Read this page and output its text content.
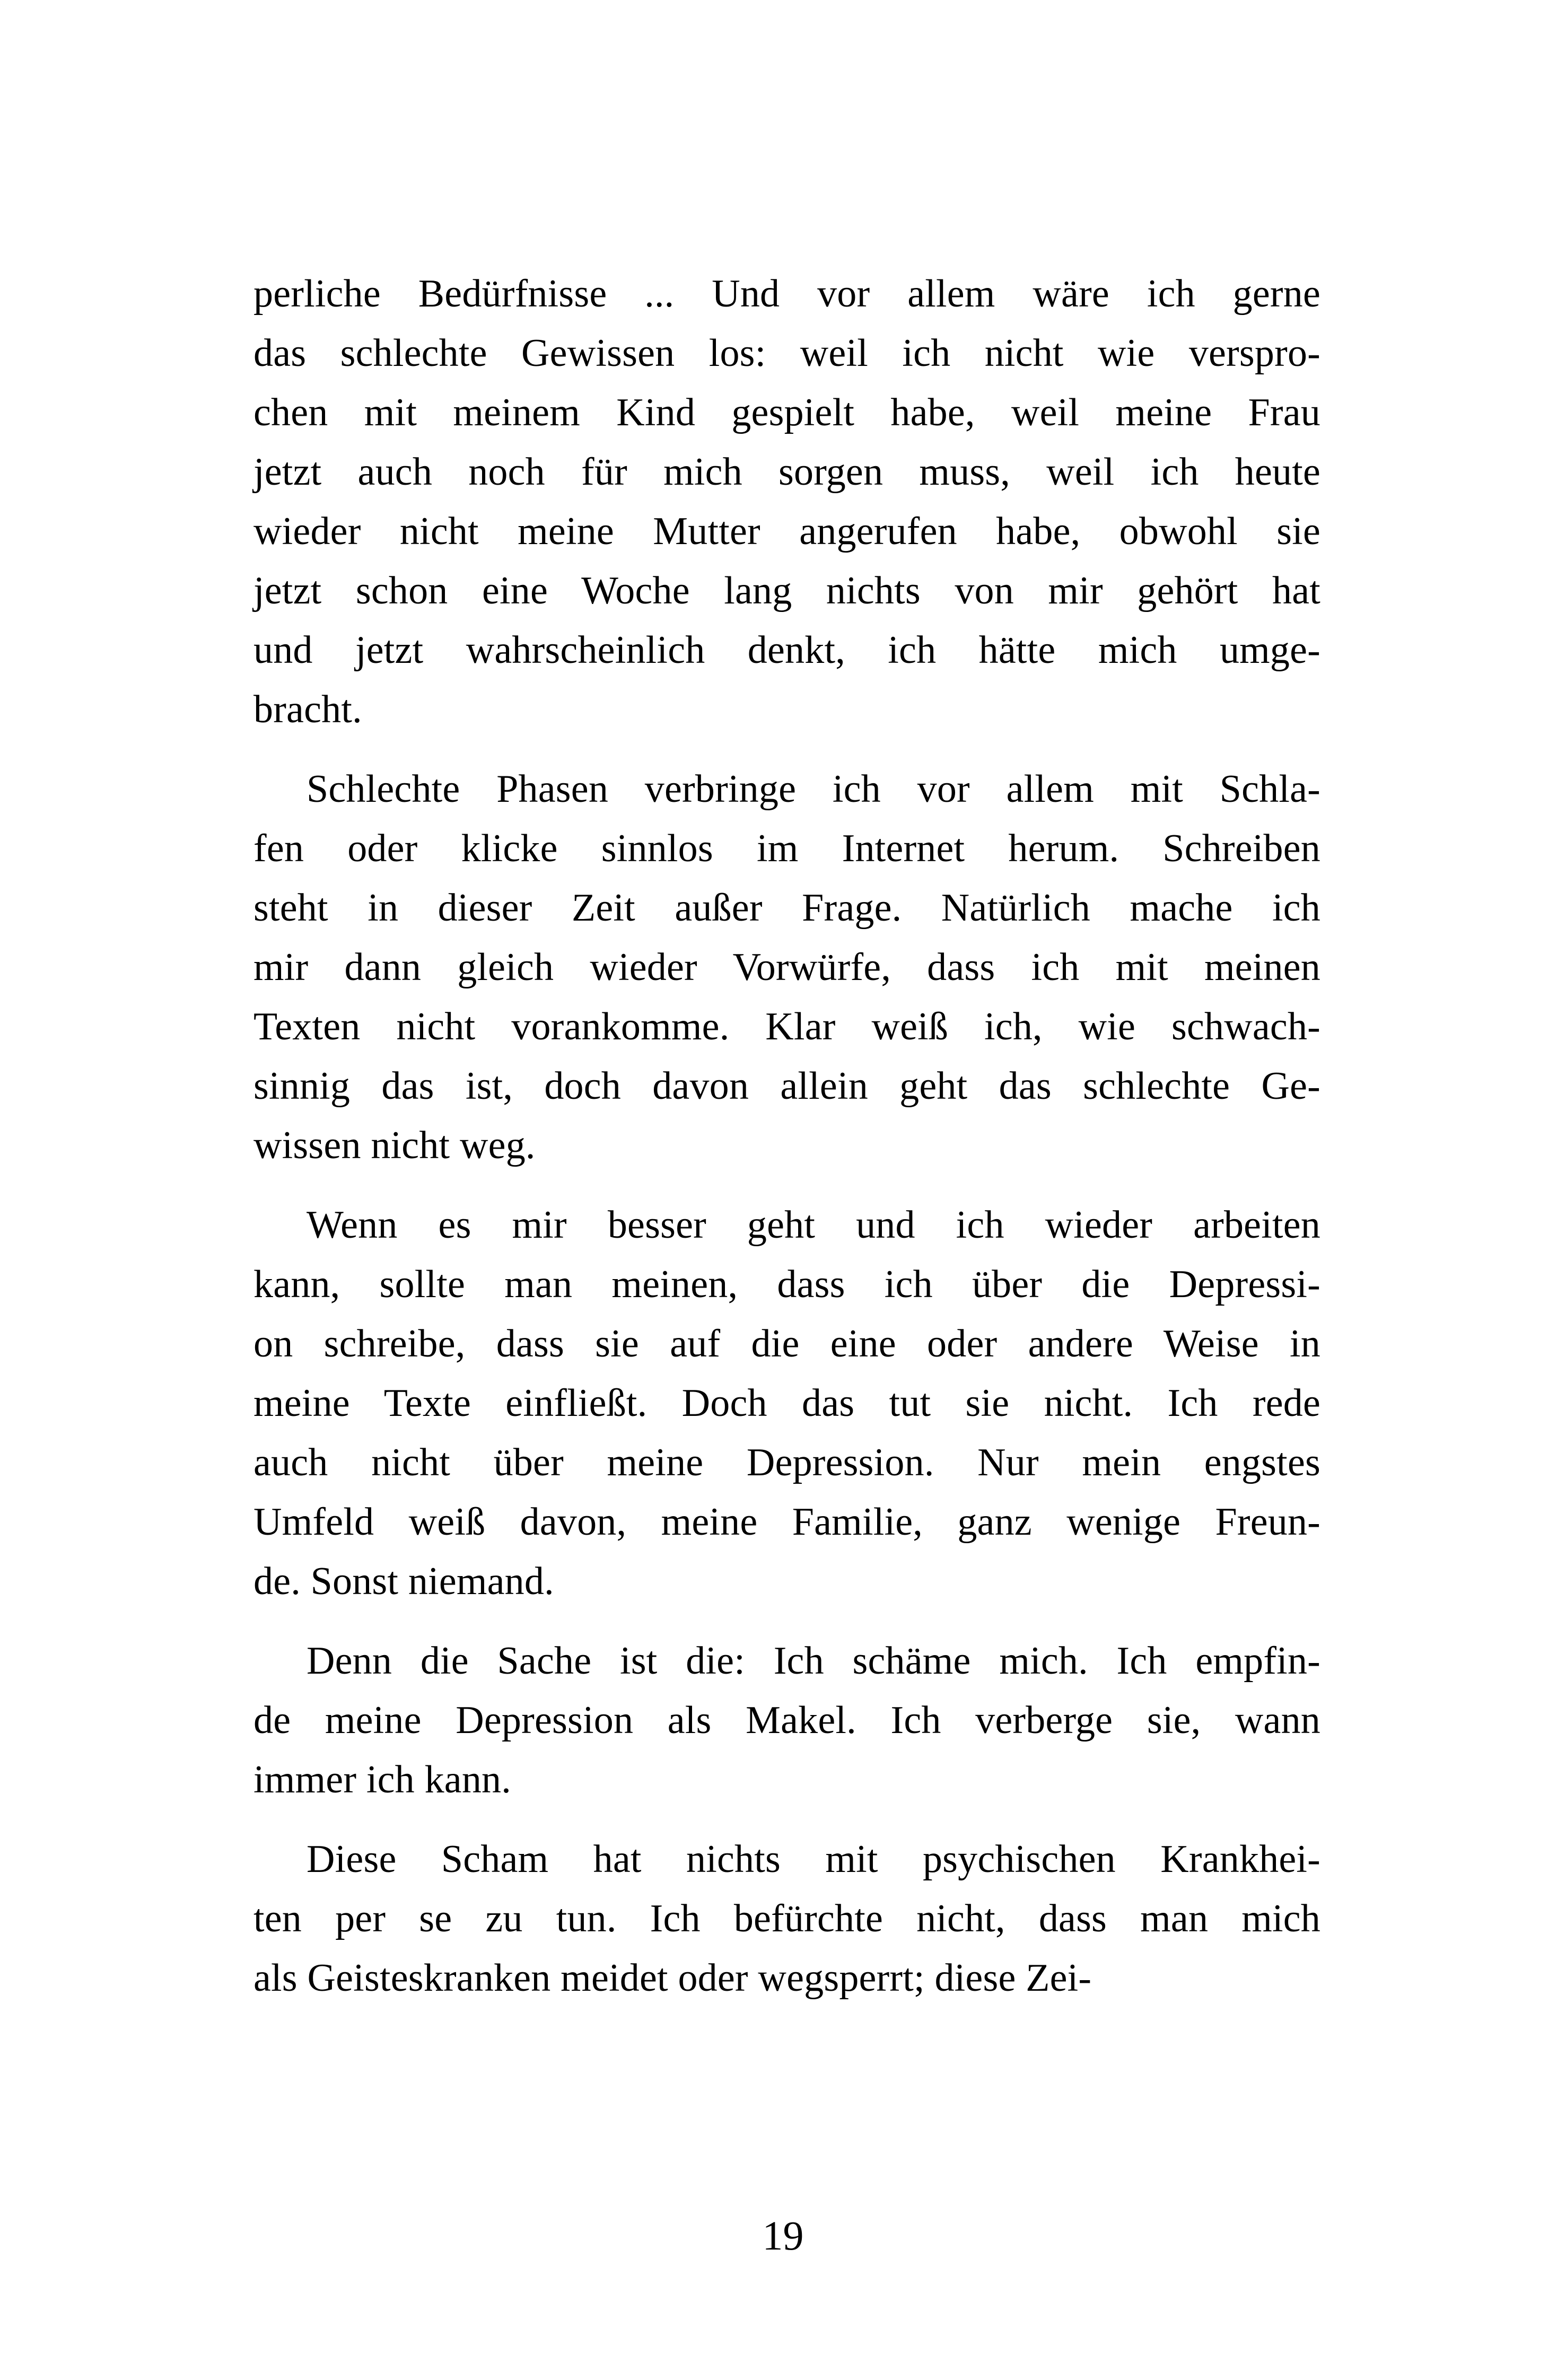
perliche Bedürfnisse ... Und vor allem wäre ich gerne
das schlechte Gewissen los: weil ich nicht wie verspro-
chen mit meinem Kind gespielt habe, weil meine Frau
jetzt auch noch für mich sorgen muss, weil ich heute
wieder nicht meine Mutter angerufen habe, obwohl sie
jetzt schon eine Woche lang nichts von mir gehört hat
und jetzt wahrscheinlich denkt, ich hätte mich umge-
bracht.
Schlechte Phasen verbringe ich vor allem mit Schla-
fen oder klicke sinnlos im Internet herum. Schreiben
steht in dieser Zeit außer Frage. Natürlich mache ich
mir dann gleich wieder Vorwürfe, dass ich mit meinen
Texten nicht vorankomme. Klar weiß ich, wie schwach-
sinnig das ist, doch davon allein geht das schlechte Ge-
wissen nicht weg.
Wenn es mir besser geht und ich wieder arbeiten
kann, sollte man meinen, dass ich über die Depressi-
on schreibe, dass sie auf die eine oder andere Weise in
meine Texte einfließt. Doch das tut sie nicht. Ich rede
auch nicht über meine Depression. Nur mein engstes
Umfeld weiß davon, meine Familie, ganz wenige Freun-
de. Sonst niemand.
Denn die Sache ist die: Ich schäme mich. Ich empfin-
de meine Depression als Makel. Ich verberge sie, wann
immer ich kann.
Diese Scham hat nichts mit psychischen Krankhei-
ten per se zu tun. Ich befürchte nicht, dass man mich
als Geisteskranken meidet oder wegsperrt; diese Zei-
19
